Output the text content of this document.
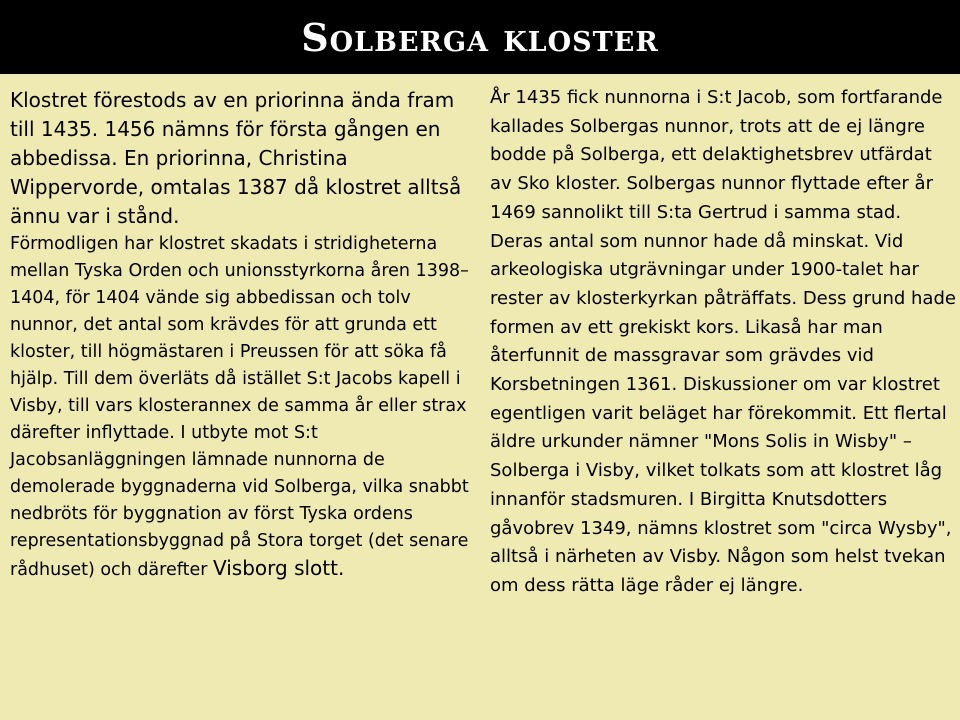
Solberga kloster

Klostret förestods av en priorinna ända fram till 1435. 1456 nämns för första gången en abbedissa. En priorinna, Christina Wippervorde, omtalas 1387 då klostret alltså ännu var i stånd.

Förmodligen har klostret skadats i stridigheterna mellan Tyska Orden och unionsstyrkorna åren 1398–1404, för 1404 vände sig abbedissan och tolv nunnor, det antal som krävdes för att grunda ett kloster, till högmästaren i Preussen för att söka få hjälp. Till dem överläts då istället S:t Jacobs kapell i Visby, till vars klosterannex de samma år eller strax därefter inflyttade. I utbyte mot S:t Jacobsanläggningen lämnade nunnorna de demolerade byggnaderna vid Solberga, vilka snabbt nedbröts för byggnation av först Tyska ordens representationsbyggnad på Stora torget (det senare rådhuset) och därefter Visborg slott.

År 1435 fick nunnorna i S:t Jacob, som fortfarande kallades Solbergas nunnor, trots att de ej längre bodde på Solberga, ett delaktighetsbrev utfärdat av Sko kloster. Solbergas nunnor flyttade efter år 1469 sannolikt till S:ta Gertrud i samma stad. Deras antal som nunnor hade då minskat. Vid arkeologiska utgrävningar under 1900-talet har rester av klosterkyrkan påträffats. Dess grund hade formen av ett grekiskt kors. Likaså har man återfunnit de massgravar som grävdes vid Korsbetningen 1361. Diskussioner om var klostret egentligen varit beläget har förekommit. Ett flertal äldre urkunder nämner "Mons Solis in Wisby" – Solberga i Visby, vilket tolkats som att klostret låg innanför stadsmuren. I Birgitta Knutsdotters gåvobrev 1349, nämns klostret som "circa Wysby", alltså i närheten av Visby. Någon som helst tvekan om dess rätta läge råder ej längre.
